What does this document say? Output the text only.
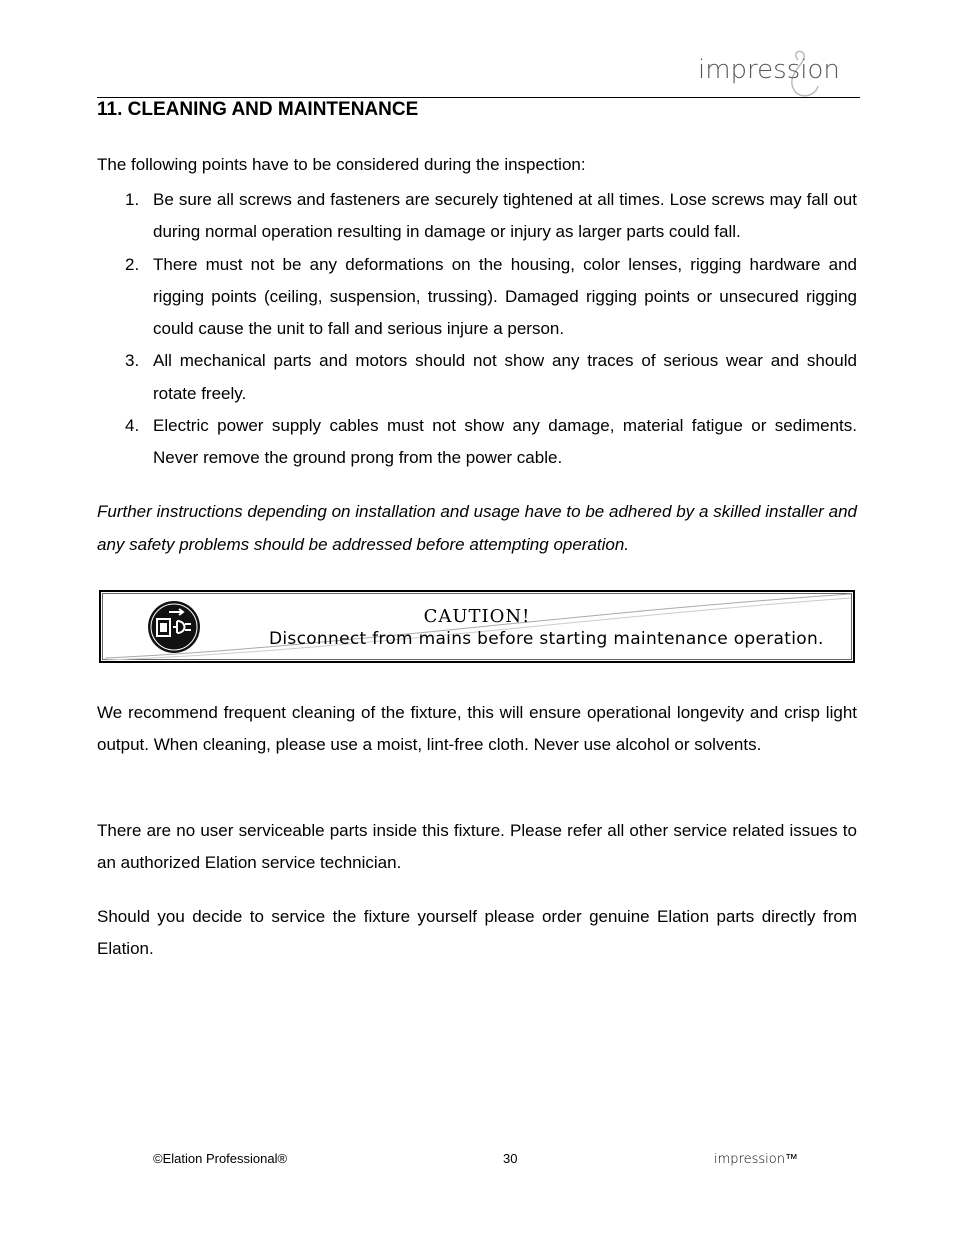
impression
11. CLEANING AND MAINTENANCE

The following points have to be considered during the inspection:

1. Be sure all screws and fasteners are securely tightened at all times. Lose screws may fall out during normal operation resulting in damage or injury as larger parts could fall.
2. There must not be any deformations on the housing, color lenses, rigging hardware and rigging points (ceiling, suspension, trussing). Damaged rigging points or unsecured rigging could cause the unit to fall and serious injure a person.
3. All mechanical parts and motors should not show any traces of serious wear and should rotate freely.
4. Electric power supply cables must not show any damage, material fatigue or sediments. Never remove the ground prong from the power cable.

Further instructions depending on installation and usage have to be adhered by a skilled installer and any safety problems should be addressed before attempting operation.

CAUTION!
Disconnect from mains before starting maintenance operation.

We recommend frequent cleaning of the fixture, this will ensure operational longevity and crisp light output. When cleaning, please use a moist, lint-free cloth. Never use alcohol or solvents.

There are no user serviceable parts inside this fixture. Please refer all other service related issues to an authorized Elation service technician.

Should you decide to service the fixture yourself please order genuine Elation parts directly from Elation.

©Elation Professional®	30	impression™
